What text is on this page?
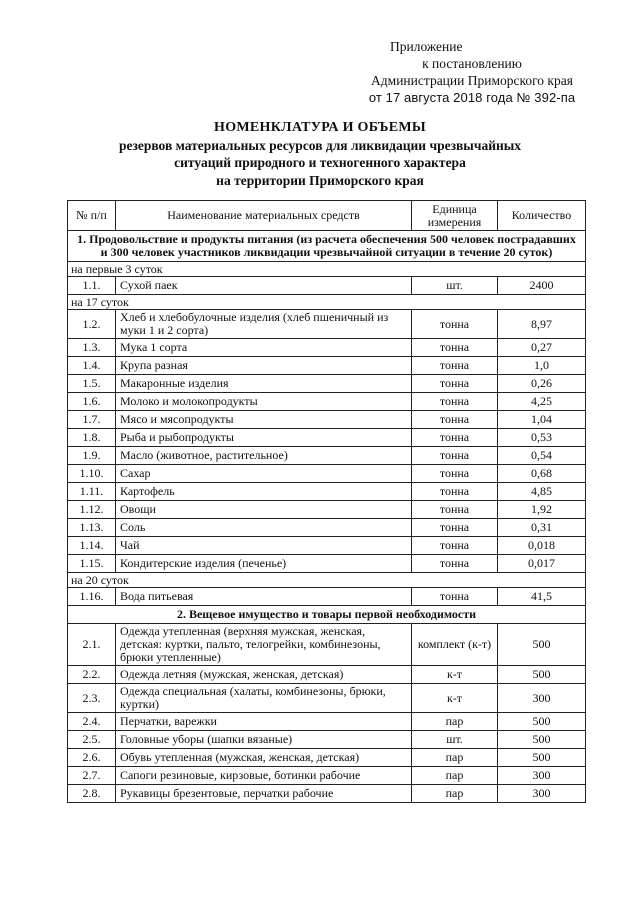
Приложение
к постановлению
Администрации Приморского края
от 17 августа 2018 года № 392-па
НОМЕНКЛАТУРА И ОБЪЕМЫ
резервов материальных ресурсов для ликвидации чрезвычайных
ситуаций природного и техногенного характера
на территории Приморского края
№ п/п	Наименование материальных средств	Единица измерения	Количество
1. Продовольствие и продукты питания (из расчета обеспечения 500 человек пострадавших и 300 человек участников ликвидации чрезвычайной ситуации в течение 20 суток)			
на первые 3 суток			
1.1.	Сухой паек	шт.	2400
на 17 суток			
1.2.	Хлеб и хлебобулочные изделия (хлеб пшеничный из муки 1 и 2 сорта)	тонна	8,97
1.3.	Мука 1 сорта	тонна	0,27
1.4.	Крупа разная	тонна	1,0
1.5.	Макаронные изделия	тонна	0,26
1.6.	Молоко и молокопродукты	тонна	4,25
1.7.	Мясо и мясопродукты	тонна	1,04
1.8.	Рыба и рыбопродукты	тонна	0,53
1.9.	Масло (животное, растительное)	тонна	0,54
1.10.	Сахар	тонна	0,68
1.11.	Картофель	тонна	4,85
1.12.	Овощи	тонна	1,92
1.13.	Соль	тонна	0,31
1.14.	Чай	тонна	0,018
1.15.	Кондитерские изделия (печенье)	тонна	0,017
на 20 суток			
1.16.	Вода питьевая	тонна	41,5
2. Вещевое имущество и товары первой необходимости			
2.1.	Одежда утепленная (верхняя мужская, женская, детская: куртки, пальто, телогрейки, комбинезоны, брюки утепленные)	комплект (к-т)	500
2.2.	Одежда летняя (мужская, женская, детская)	к-т	500
2.3.	Одежда специальная (халаты, комбинезоны, брюки, куртки)	к-т	300
2.4.	Перчатки, варежки	пар	500
2.5.	Головные уборы (шапки вязаные)	шт.	500
2.6.	Обувь утепленная (мужская, женская, детская)	пар	500
2.7.	Сапоги резиновые, кирзовые, ботинки рабочие	пар	300
2.8.	Рукавицы брезентовые, перчатки рабочие	пар	300
